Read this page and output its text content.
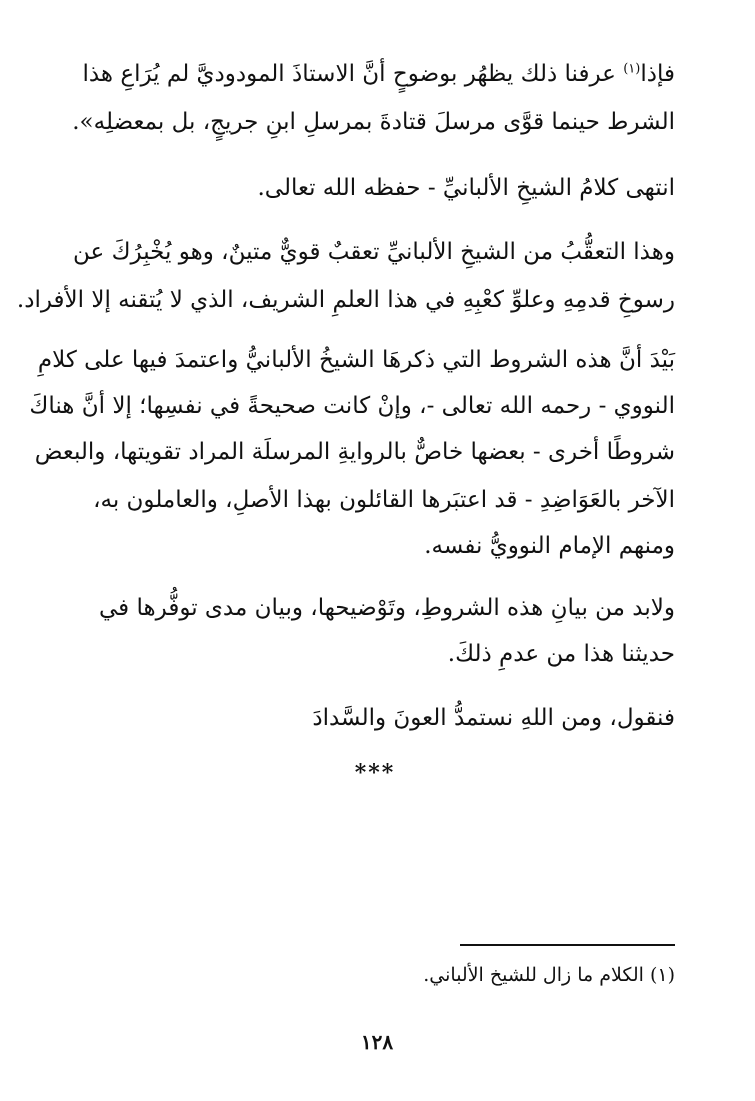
فإذا$^{(١)}$ عرفنا ذلك يظهُر بوضوحٍ أنَّ الاستاذَ المودوديَّ لم يُرَاعِ هذا
الشرط حينما قوَّى مرسلَ قتادةَ بمرسلِ ابنِ جريجٍ، بل بمعضلِه».
انتهى كلامُ الشيخِ الألبانيِّ - حفظه الله تعالى.
وهذا التعقُّبُ من الشيخِ الألبانيِّ تعقبٌ قويٌّ متينٌ، وهو يُخْبِرُكَ عن
رسوخِ قدمِهِ وعلوِّ كعْبِهِ في هذا العلمِ الشريف، الذي لا يُتقنه إلا الأفراد.
بَيْدَ أنَّ هذه الشروط التي ذكرهَا الشيخُ الألبانيُّ واعتمدَ فيها على كلامِ
النووي - رحمه الله تعالى -، وإنْ كانت صحيحةً في نفسِها؛ إلا أنَّ هناكَ
شروطًا أخرى - بعضها خاصٌّ بالروايةِ المرسلَة المراد تقويتها، والبعض
الآخر بالعَوَاضِدِ - قد اعتبَرها القائلون بهذا الأصلِ، والعاملون به،
ومنهم الإمام النوويُّ نفسه.
ولابد من بيانِ هذه الشروطِ، وتَوْضيحها، وبيان مدى توفُّرها في
حديثنا هذا من عدمِ ذلكَ.
فنقول، ومن اللهِ نستمدُّ العونَ والسَّدادَ
***
(١) الكلام ما زال للشيخ الألباني.
١٢٨
